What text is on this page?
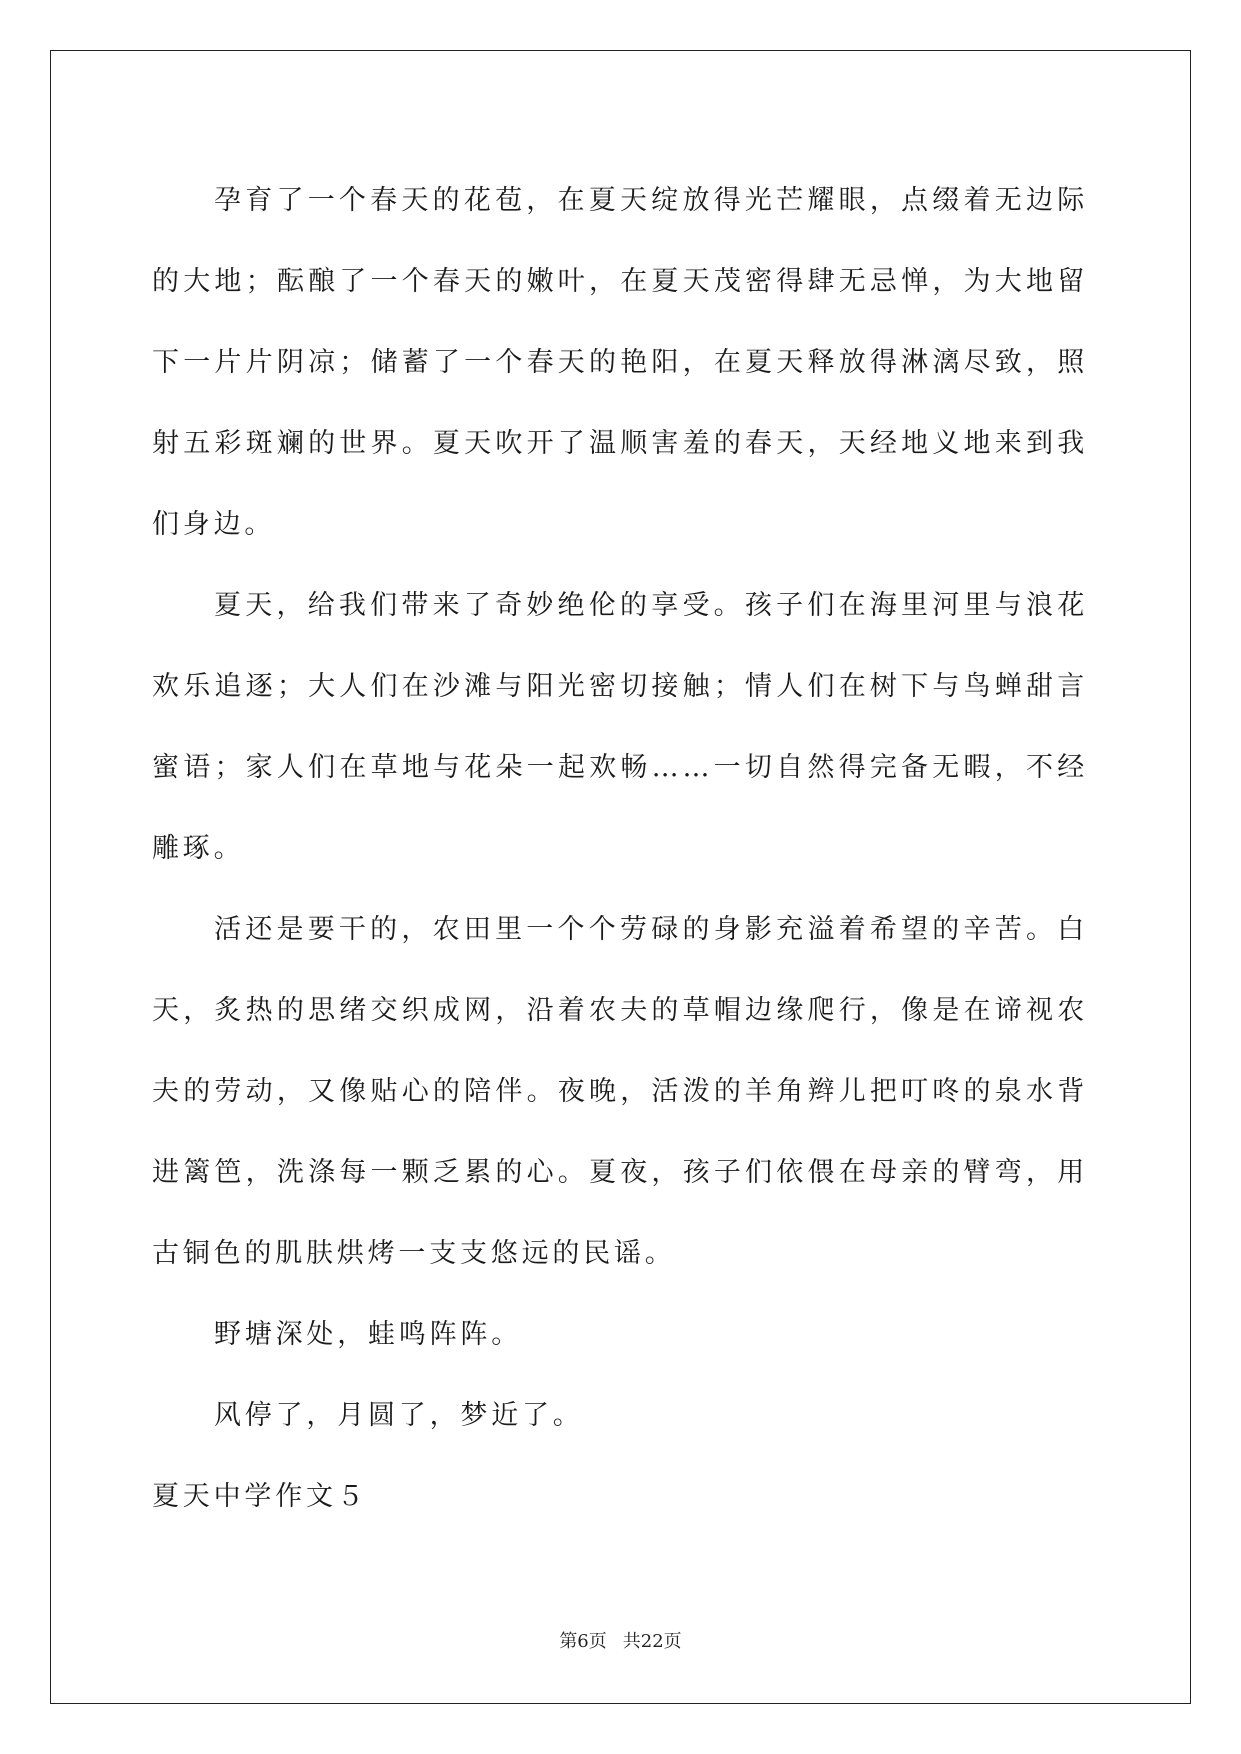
孕育了一个春天的花苞，在夏天绽放得光芒耀眼，点缀着无边际的大地；酝酿了一个春天的嫩叶，在夏天茂密得肆无忌惮，为大地留下一片片阴凉；储蓄了一个春天的艳阳，在夏天释放得淋漓尽致，照射五彩斑斓的世界。夏天吹开了温顺害羞的春天，天经地义地来到我们身边。

夏天，给我们带来了奇妙绝伦的享受。孩子们在海里河里与浪花欢乐追逐；大人们在沙滩与阳光密切接触；情人们在树下与鸟蝉甜言蜜语；家人们在草地与花朵一起欢畅……一切自然得完备无暇，不经雕琢。

活还是要干的，农田里一个个劳碌的身影充溢着希望的辛苦。白天，炙热的思绪交织成网，沿着农夫的草帽边缘爬行，像是在谛视农夫的劳动，又像贴心的陪伴。夜晚，活泼的羊角辫儿把叮咚的泉水背进篱笆，洗涤每一颗乏累的心。夏夜，孩子们依偎在母亲的臂弯，用古铜色的肌肤烘烤一支支悠远的民谣。

野塘深处，蛙鸣阵阵。

风停了，月圆了，梦近了。

夏天中学作文５

第6页 共22页
